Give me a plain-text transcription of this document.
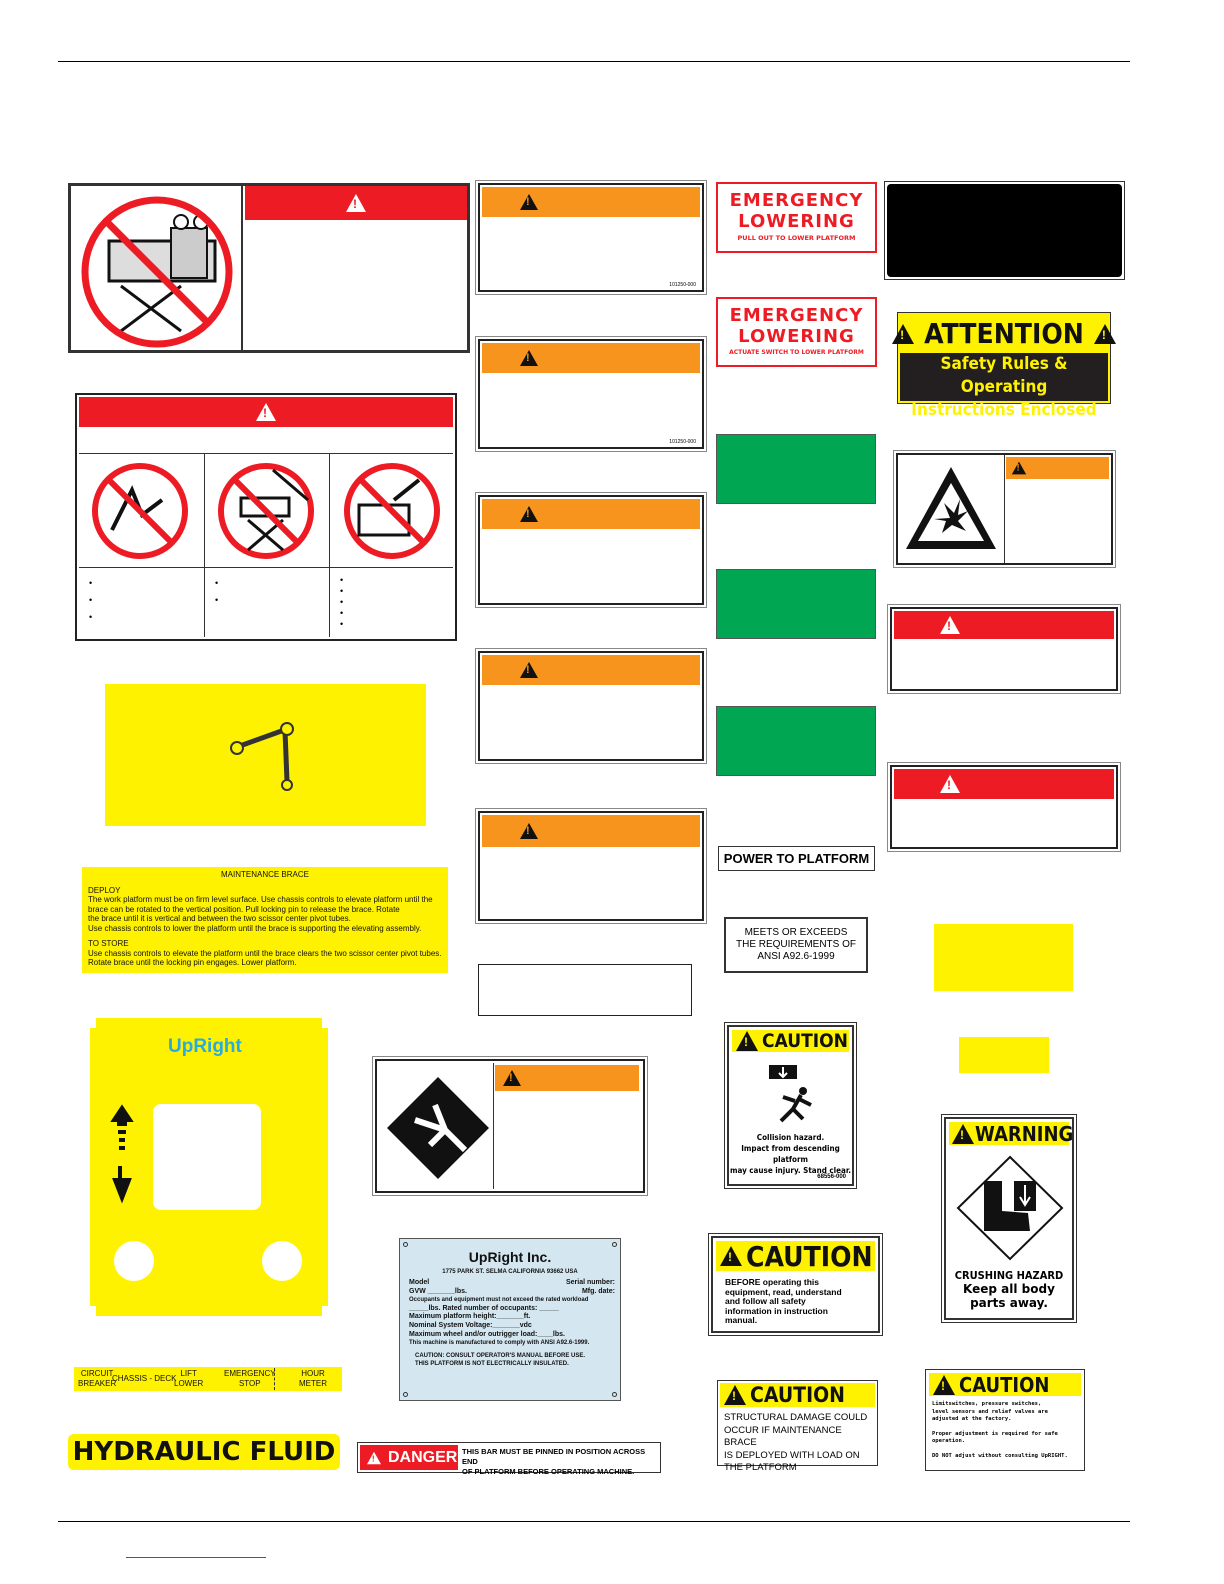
!
!
•
•
•
•
•
•
•
•
•
•
MAINTENANCE BRACE
DEPLOY
The work platform must be on firm level surface. Use chassis controls to elevate platform until the
brace can be rotated to the vertical position. Pull locking pin to release the brace. Rotate
the brace until it is vertical and between the two scissor center pivot tubes.
Use chassis controls to lower the platform until the brace is supporting the elevating assembly.
TO STORE
Use chassis controls to elevate the platform until the brace clears the two scissor center pivot tubes.
Rotate brace until the locking pin engages. Lower platform.
UpRight
CIRCUIT
BREAKER
CHASSIS - DECK
LIFT
LOWER
EMERGENCY
STOP
HOUR
METER
HYDRAULIC FLUID
!
101250-000
!
101250-000
!
!
!
!
UpRight Inc.
1775 PARK ST. SELMA CALIFORNIA 93662 USA
Model	Serial number:
GVW _______lbs.	Mfg. date:
Occupants and equipment must not exceed the rated workload
_____lbs. Rated number of occupants: _____
Maximum platform height:_______ft.
Nominal System Voltage:_______vdc
Maximum wheel and/or outrigger load:____lbs.
This machine is manufactured to comply with ANSI A92.6-1999.
CAUTION: CONSULT OPERATOR'S MANUAL BEFORE USE.
THIS PLATFORM IS NOT ELECTRICALLY INSULATED.
!
DANGER THIS BAR MUST BE PINNED IN POSITION ACROSS END
OF PLATFORM BEFORE OPERATING MACHINE.
EMERGENCY
LOWERING
PULL OUT TO LOWER PLATFORM
EMERGENCY
LOWERING
ACTUATE SWITCH TO LOWER PLATFORM
POWER TO PLATFORM
MEETS OR EXCEEDS
THE REQUIREMENTS OF
ANSI A92.6-1999
!
CAUTION
Collision hazard.
Impact from descending platform
may cause injury. Stand clear.
68556-000
!
CAUTION
BEFORE operating this
equipment, read, understand
and follow all safety
information in instruction
manual.
!
CAUTION
STRUCTURAL DAMAGE COULD
OCCUR IF MAINTENANCE BRACE
IS DEPLOYED WITH LOAD ON
THE PLATFORM
!
ATTENTION
!
Safety Rules & Operating
Instructions Enclosed
!
!
!
!
WARNING
CRUSHING HAZARD
Keep all body
parts away.
!
CAUTION
Limitswitches, pressure switches,
level sensors and relief valves are
adjusted at the factory.
Proper adjustment is required for safe
operation.
DO NOT adjust without consulting UpRIGHT.
